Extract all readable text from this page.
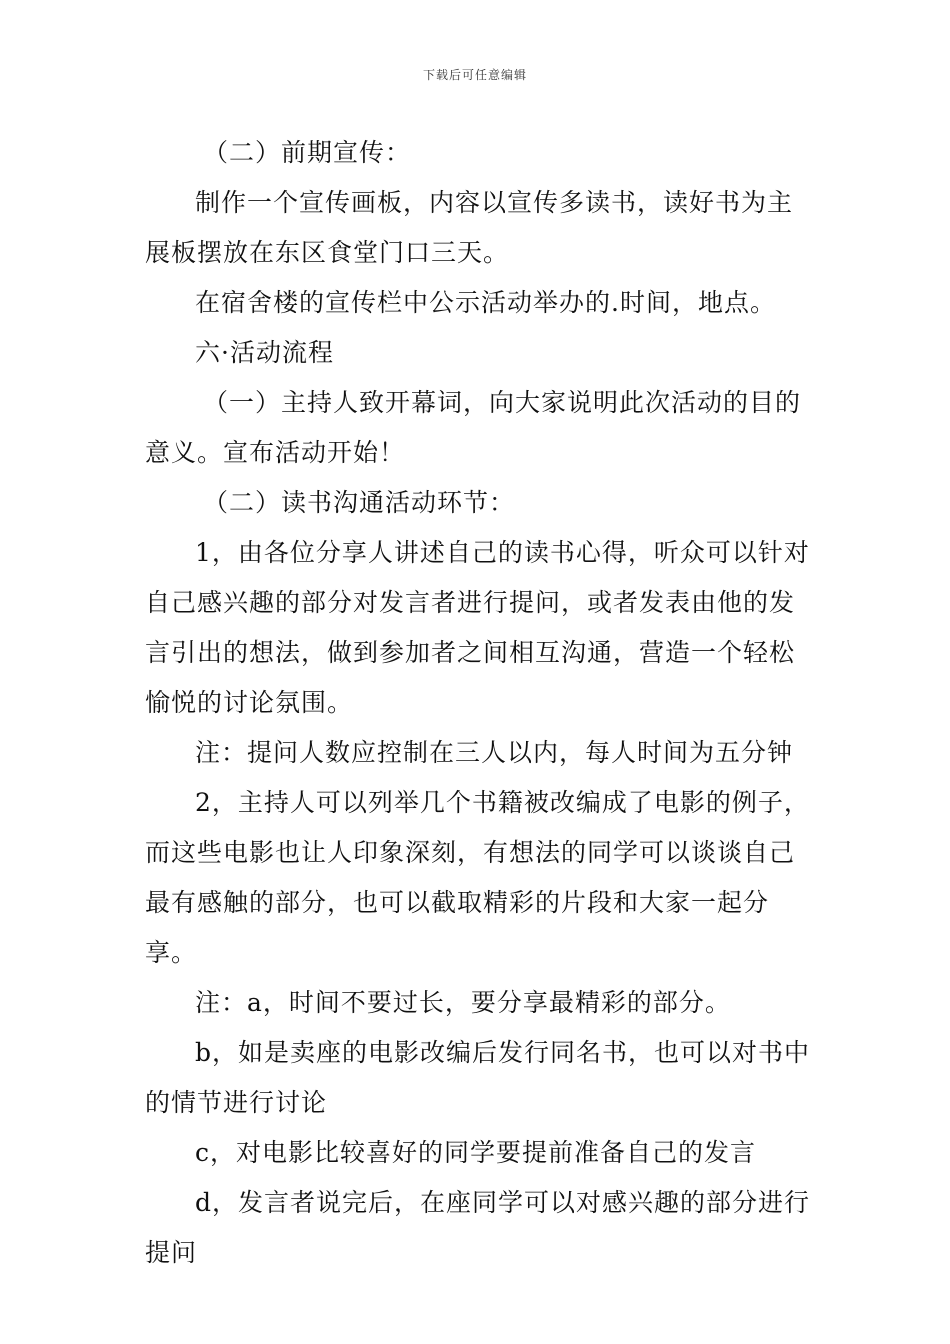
下载后可任意编辑

（二）前期宣传：

制作一个宣传画板，内容以宣传多读书，读好书为主展板摆放在东区食堂门口三天。

在宿舍楼的宣传栏中公示活动举办的.时间，地点。

六·活动流程

（一）主持人致开幕词，向大家说明此次活动的目的意义。宣布活动开始！

（二）读书沟通活动环节：

1，由各位分享人讲述自己的读书心得，听众可以针对自己感兴趣的部分对发言者进行提问，或者发表由他的发言引出的想法，做到参加者之间相互沟通，营造一个轻松愉悦的讨论氛围。

注：提问人数应控制在三人以内，每人时间为五分钟

2，主持人可以列举几个书籍被改编成了电影的例子，而这些电影也让人印象深刻，有想法的同学可以谈谈自己最有感触的部分，也可以截取精彩的片段和大家一起分享。

注：a，时间不要过长，要分享最精彩的部分。

b，如是卖座的电影改编后发行同名书，也可以对书中的情节进行讨论

c，对电影比较喜好的同学要提前准备自己的发言

d，发言者说完后，在座同学可以对感兴趣的部分进行提问
